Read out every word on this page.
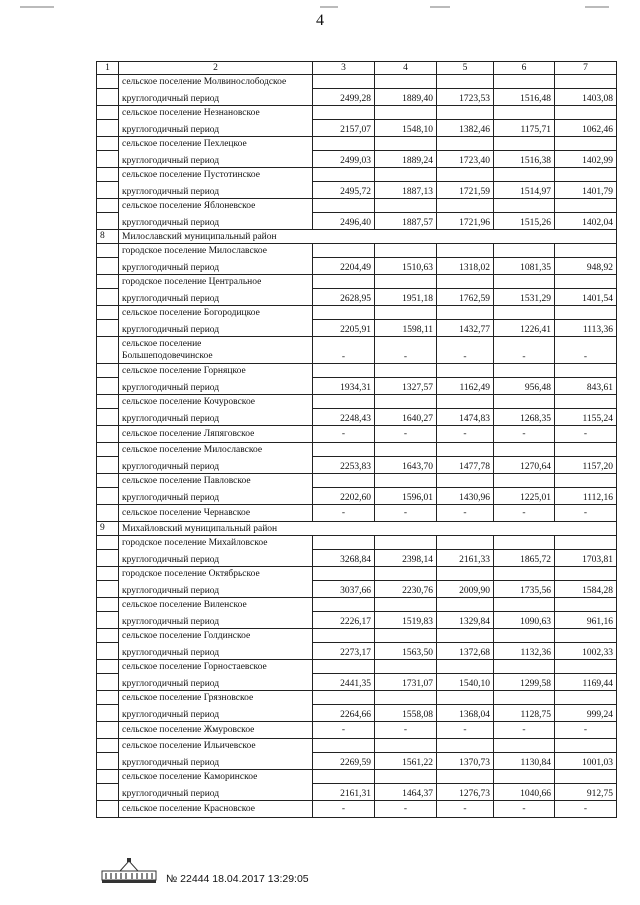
4
1	2	3	4	5	6	7
	сельское поселение Молвинослободское					
	круглогодичный период	2499,28	1889,40	1723,53	1516,48	1403,08
	сельское поселение Незнановское					
	круглогодичный период	2157,07	1548,10	1382,46	1175,71	1062,46
	сельское поселение Пехлецкое					
	круглогодичный период	2499,03	1889,24	1723,40	1516,38	1402,99
	сельское поселение Пустотинское					
	круглогодичный период	2495,72	1887,13	1721,59	1514,97	1401,79
	сельское поселение Яблоневское					
	круглогодичный период	2496,40	1887,57	1721,96	1515,26	1402,04
8	Милославский муниципальный район					
	городское поселение Милославское					
	круглогодичный период	2204,49	1510,63	1318,02	1081,35	948,92
	городское поселение Центральное					
	круглогодичный период	2628,95	1951,18	1762,59	1531,29	1401,54
	сельское поселение Богородицкое					
	круглогодичный период	2205,91	1598,11	1432,77	1226,41	1113,36

	сельское поселение
Большеподовечинское	-	-	-	-	-
	сельское поселение Горняцкое					
	круглогодичный период	1934,31	1327,57	1162,49	956,48	843,61
	сельское поселение Кочуровское					
	круглогодичный период	2248,43	1640,27	1474,83	1268,35	1155,24
	сельское поселение Ляпяговское	-	-	-	-	-
	сельское поселение Милославское					
	круглогодичный период	2253,83	1643,70	1477,78	1270,64	1157,20
	сельское поселение Павловское					
	круглогодичный период	2202,60	1596,01	1430,96	1225,01	1112,16
	сельское поселение Чернавское	-	-	-	-	-
9	Михайловский муниципальный район					
	городское поселение Михайловское					
	круглогодичный период	3268,84	2398,14	2161,33	1865,72	1703,81
	городское поселение Октябрьское					
	круглогодичный период	3037,66	2230,76	2009,90	1735,56	1584,28
	сельское поселение Виленское					
	круглогодичный период	2226,17	1519,83	1329,84	1090,63	961,16
	сельское поселение Голдинское					
	круглогодичный период	2273,17	1563,50	1372,68	1132,36	1002,33
	сельское поселение Горностаевское					
	круглогодичный период	2441,35	1731,07	1540,10	1299,58	1169,44
	сельское поселение Грязновское					
	круглогодичный период	2264,66	1558,08	1368,04	1128,75	999,24
	сельское поселение Жмуровское	-	-	-	-	-
	сельское поселение Ильичевское					
	круглогодичный период	2269,59	1561,22	1370,73	1130,84	1001,03
	сельское поселение Каморинское					
	круглогодичный период	2161,31	1464,37	1276,73	1040,66	912,75
	сельское поселение Красновское	-	-	-	-	-
№ 22444 18.04.2017 13:29:05
